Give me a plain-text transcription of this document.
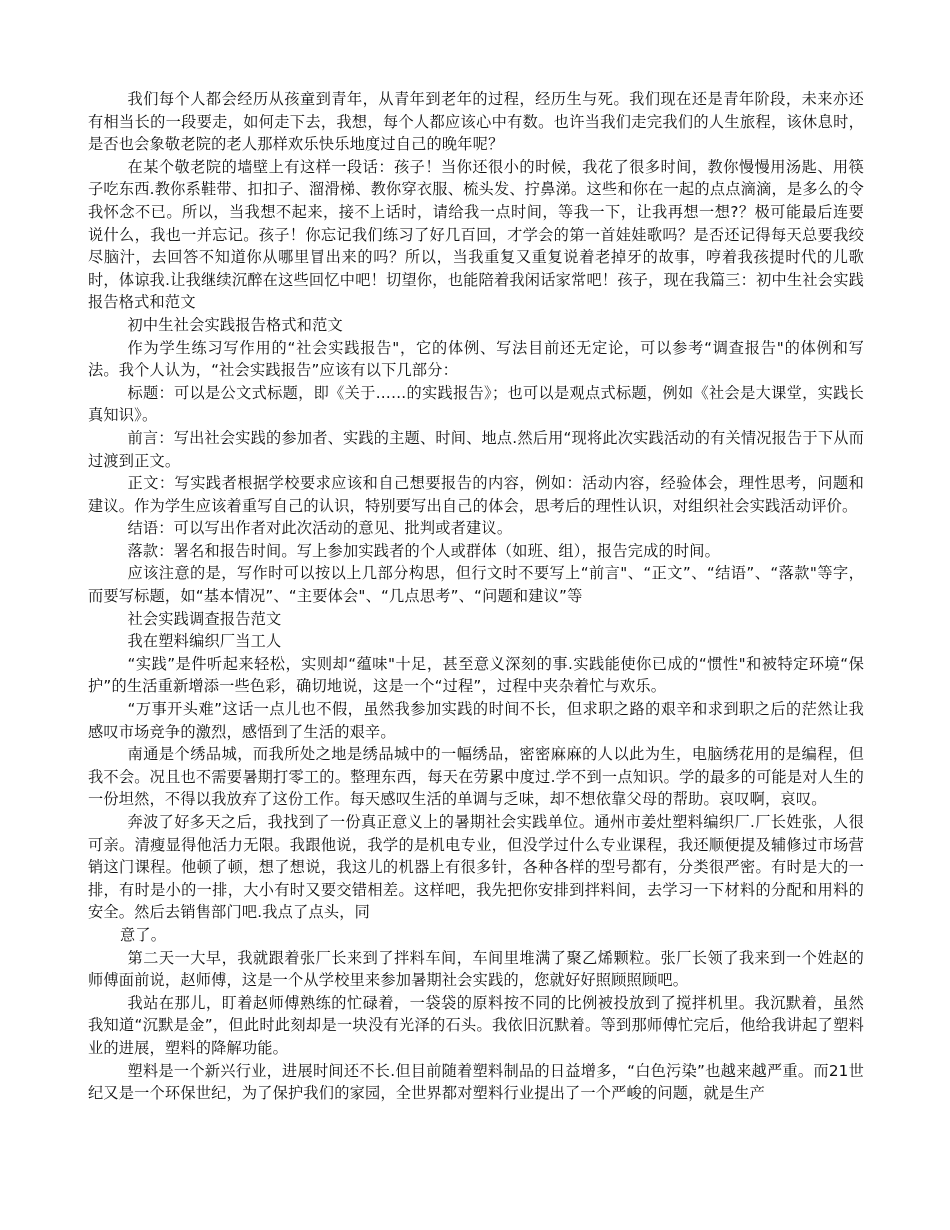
我们每个人都会经历从孩童到青年，从青年到老年的过程，经历生与死。我们现在还是青年阶段，未来亦还有相当长的一段要走，如何走下去，我想，每个人都应该心中有数。也许当我们走完我们的人生旅程，该休息时，是否也会象敬老院的老人那样欢乐快乐地度过自己的晚年呢？

在某个敬老院的墙壁上有这样一段话：孩子！当你还很小的时候，我花了很多时间，教你慢慢用汤匙、用筷子吃东西.教你系鞋带、扣扣子、溜滑梯、教你穿衣服、梳头发、拧鼻涕。这些和你在一起的点点滴滴，是多么的令我怀念不已。所以，当我想不起来，接不上话时，请给我一点时间，等我一下，让我再想一想?？极可能最后连要说什么，我也一并忘记。孩子！你忘记我们练习了好几百回，才学会的第一首娃娃歌吗？是否还记得每天总要我绞尽脑汁，去回答不知道你从哪里冒出来的吗？所以，当我重复又重复说着老掉牙的故事，哼着我孩提时代的儿歌时，体谅我.让我继续沉醉在这些回忆中吧！切望你，也能陪着我闲话家常吧！孩子，现在我篇三：初中生社会实践报告格式和范文

初中生社会实践报告格式和范文

作为学生练习写作用的“社会实践报告"，它的体例、写法目前还无定论，可以参考“调查报告"的体例和写法。我个人认为，“社会实践报告”应该有以下几部分：

标题：可以是公文式标题，即《关于……的实践报告》；也可以是观点式标题，例如《社会是大课堂，实践长真知识》。

前言：写出社会实践的参加者、实践的主题、时间、地点.然后用“现将此次实践活动的有关情况报告于下从而过渡到正文。

正文：写实践者根据学校要求应该和自己想要报告的内容，例如：活动内容，经验体会，理性思考，问题和建议。作为学生应该着重写自己的认识，特别要写出自己的体会，思考后的理性认识，对组织社会实践活动评价。

结语：可以写出作者对此次活动的意见、批判或者建议。

落款：署名和报告时间。写上参加实践者的个人或群体（如班、组），报告完成的时间。

应该注意的是，写作时可以按以上几部分构思，但行文时不要写上“前言"、“正文”、“结语”、“落款"等字，而要写标题，如“基本情况”、“主要体会"、“几点思考”、“问题和建议”等

社会实践调查报告范文

我在塑料编织厂当工人

“实践”是件听起来轻松，实则却“蕴味"十足，甚至意义深刻的事.实践能使你已成的“惯性"和被特定环境“保护”的生活重新增添一些色彩，确切地说，这是一个“过程”，过程中夹杂着忙与欢乐。

“万事开头难”这话一点儿也不假，虽然我参加实践的时间不长，但求职之路的艰辛和求到职之后的茫然让我感叹市场竞争的激烈，感悟到了生活的艰辛。

南通是个绣品城，而我所处之地是绣品城中的一幅绣品，密密麻麻的人以此为生，电脑绣花用的是编程，但我不会。况且也不需要暑期打零工的。整理东西，每天在劳累中度过.学不到一点知识。学的最多的可能是对人生的一份坦然，不得以我放弃了这份工作。每天感叹生活的单调与乏味，却不想依靠父母的帮助。哀叹啊，哀叹。

奔波了好多天之后，我找到了一份真正意义上的暑期社会实践单位。通州市姜灶塑料编织厂.厂长姓张，人很可亲。清瘦显得他活力无限。我跟他说，我学的是机电专业，但没学过什么专业课程，我还顺便提及辅修过市场营销这门课程。他顿了顿，想了想说，我这儿的机器上有很多针，各种各样的型号都有，分类很严密。有时是大的一排，有时是小的一排，大小有时又要交错相差。这样吧，我先把你安排到拌料间，去学习一下材料的分配和用料的安全。然后去销售部门吧.我点了点头，同

意了。

第二天一大早，我就跟着张厂长来到了拌料车间，车间里堆满了聚乙烯颗粒。张厂长领了我来到一个姓赵的师傅面前说，赵师傅，这是一个从学校里来参加暑期社会实践的，您就好好照顾照顾吧。

我站在那儿，盯着赵师傅熟练的忙碌着，一袋袋的原料按不同的比例被投放到了搅拌机里。我沉默着，虽然我知道“沉默是金”，但此时此刻却是一块没有光泽的石头。我依旧沉默着。等到那师傅忙完后，他给我讲起了塑料业的进展，塑料的降解功能。

塑料是一个新兴行业，进展时间还不长.但目前随着塑料制品的日益增多，“白色污染”也越来越严重。而21世纪又是一个环保世纪，为了保护我们的家园，全世界都对塑料行业提出了一个严峻的问题，就是生产
